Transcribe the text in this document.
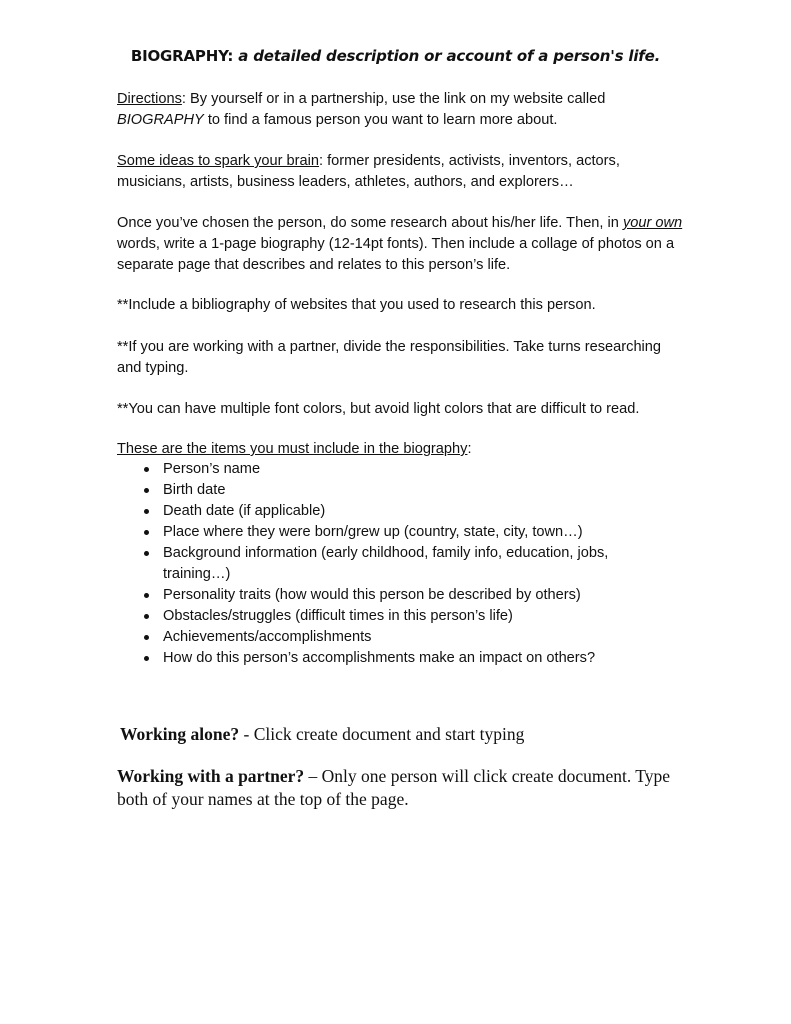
BIOGRAPHY: a detailed description or account of a person's life.

Directions: By yourself or in a partnership, use the link on my website called BIOGRAPHY to find a famous person you want to learn more about.

Some ideas to spark your brain: former presidents, activists, inventors, actors, musicians, artists, business leaders, athletes, authors, and explorers…

Once you’ve chosen the person, do some research about his/her life. Then, in your own words, write a 1-page biography (12-14pt fonts). Then include a collage of photos on a separate page that describes and relates to this person’s life.

**Include a bibliography of websites that you used to research this person.

**If you are working with a partner, divide the responsibilities. Take turns researching and typing.

**You can have multiple font colors, but avoid light colors that are difficult to read.

These are the items you must include in the biography:

Person’s name
Birth date
Death date (if applicable)
Place where they were born/grew up (country, state, city, town…)
Background information (early childhood, family info, education, jobs, training…)
Personality traits (how would this person be described by others)
Obstacles/struggles (difficult times in this person’s life)
Achievements/accomplishments
How do this person’s accomplishments make an impact on others?

Working alone? - Click create document and start typing

Working with a partner? – Only one person will click create document. Type both of your names at the top of the page.
